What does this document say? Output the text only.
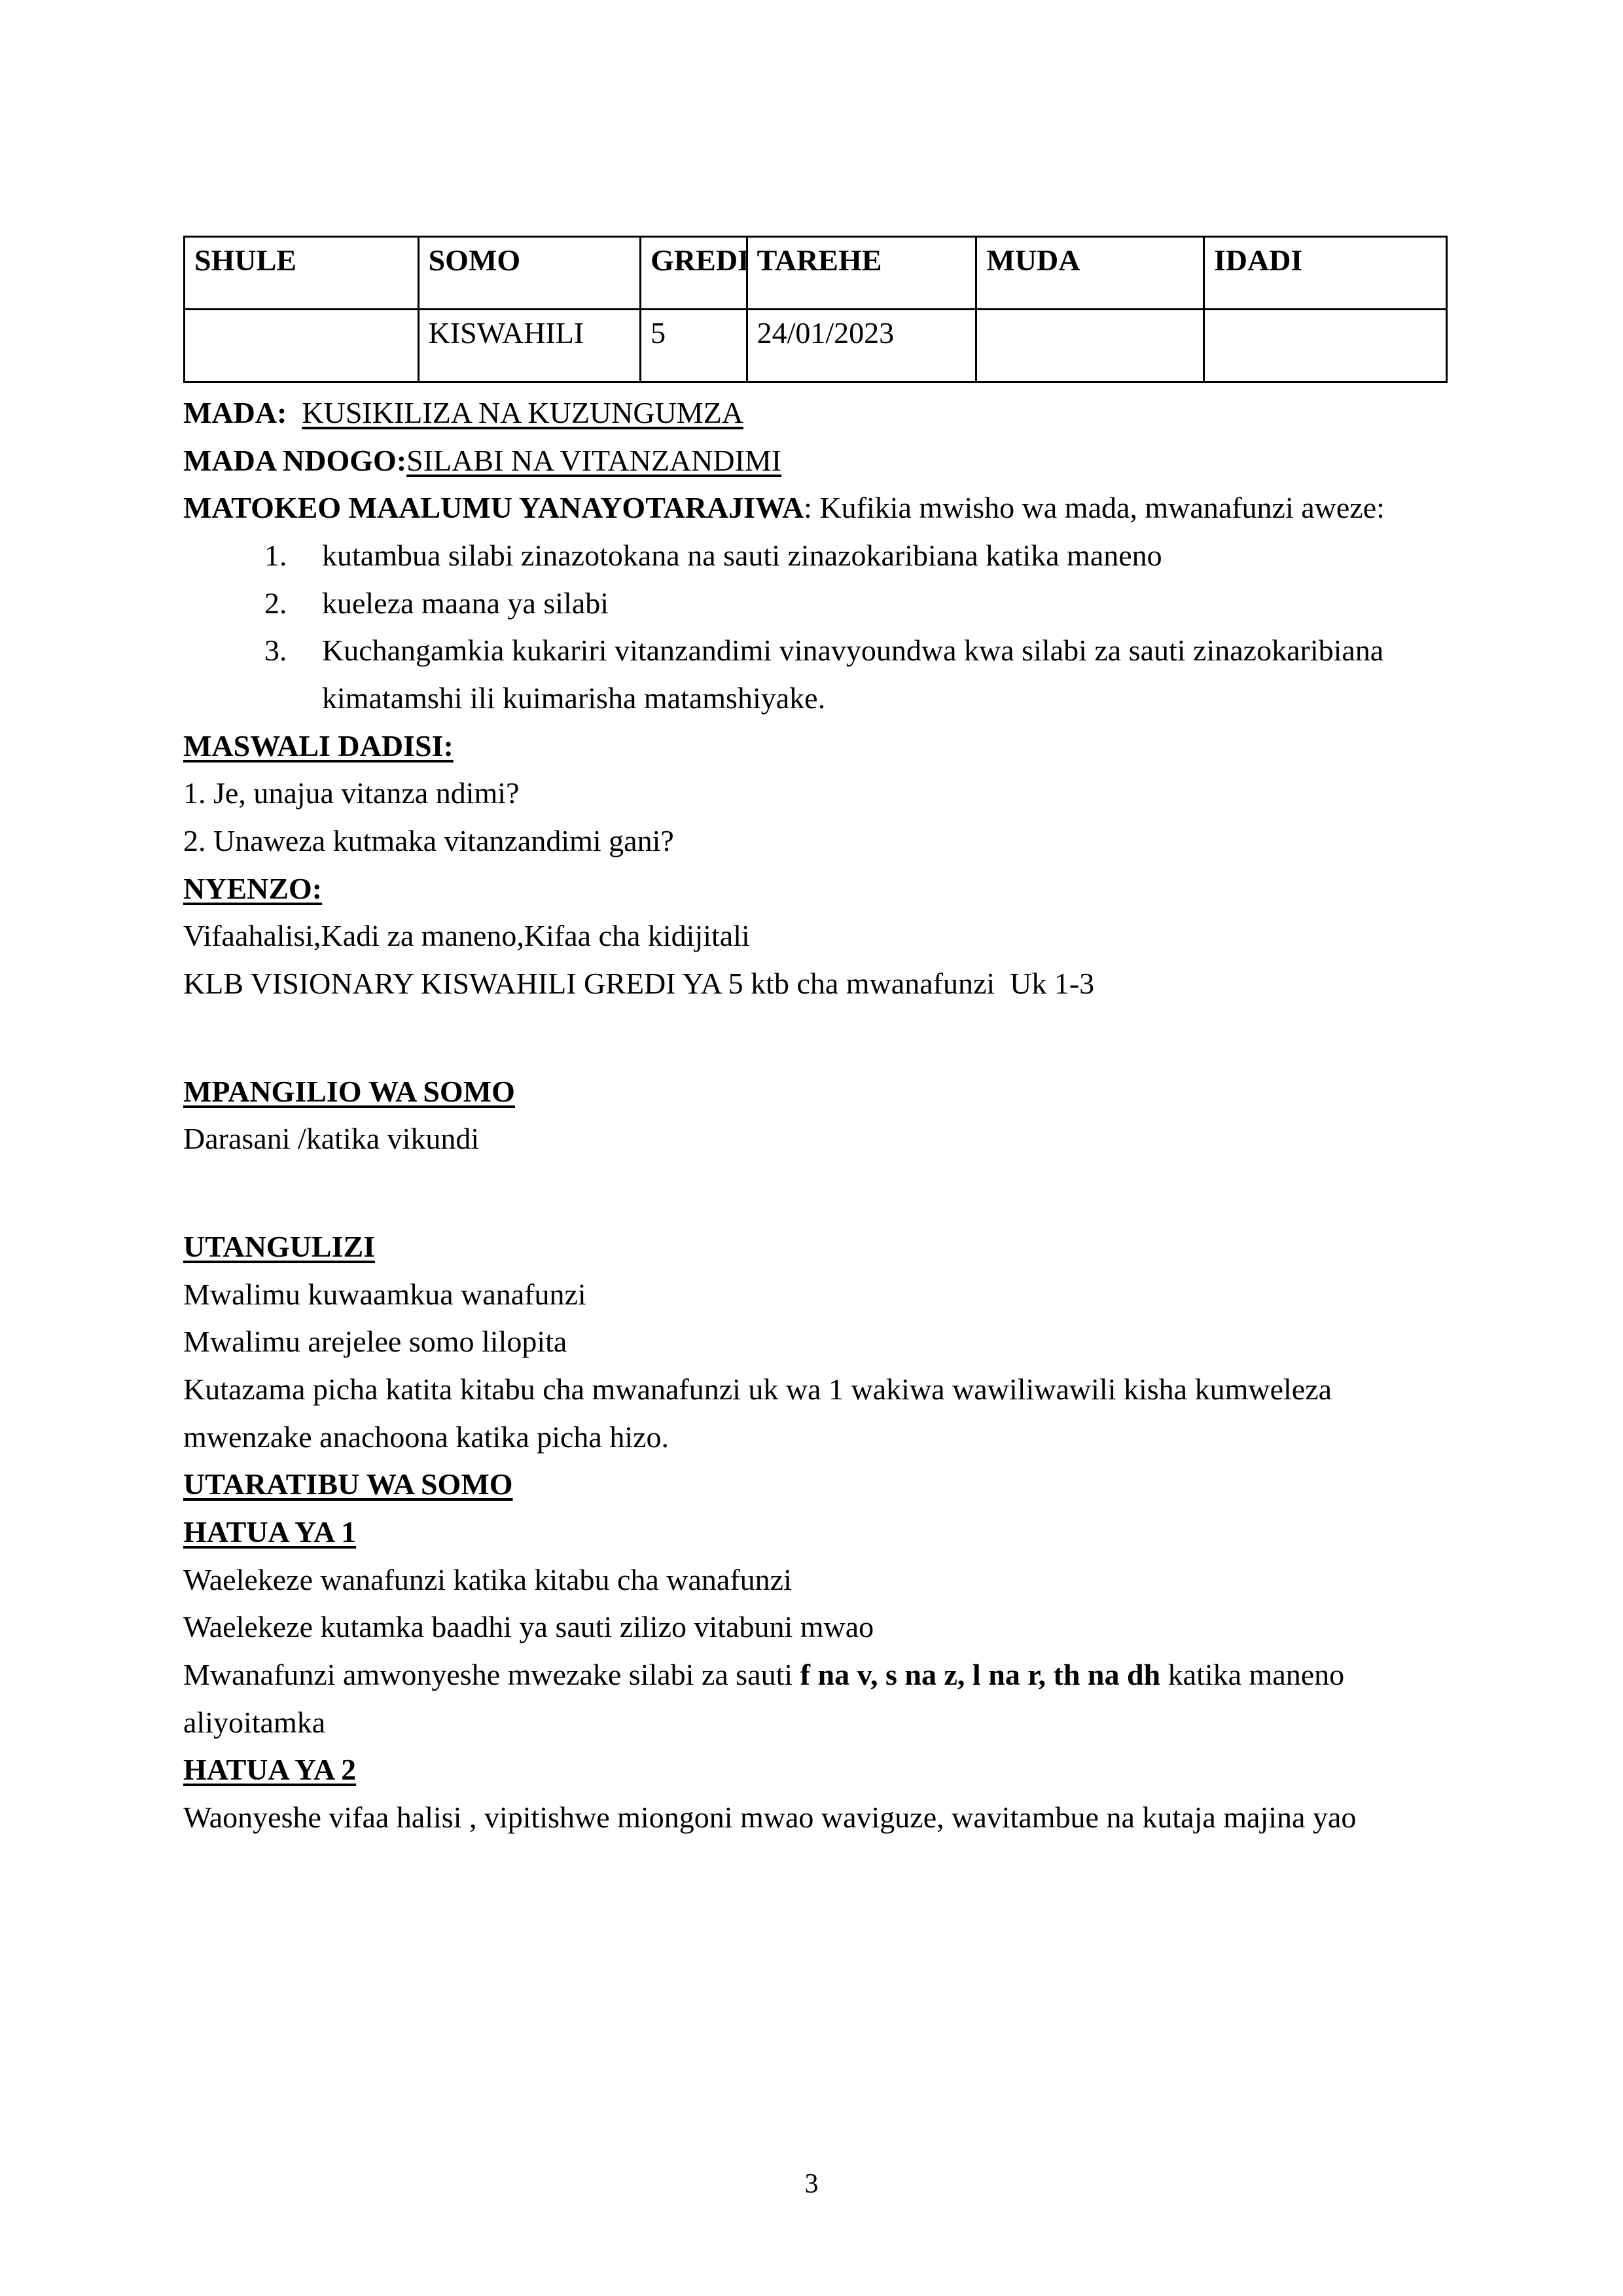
SHULE	SOMO	GREDI	TAREHE	MUDA	IDADI
	KISWAHILI	5	24/01/2023		

MADA:  KUSIKILIZA NA KUZUNGUMZA

MADA NDOGO:SILABI NA VITANZANDIMI

MATOKEO MAALUMU YANAYOTARAJIWA: Kufikia mwisho wa mada, mwanafunzi aweze:

1. kutambua silabi zinazotokana na sauti zinazokaribiana katika maneno
2. kueleza maana ya silabi
3. Kuchangamkia kukariri vitanzandimi vinavyoundwa kwa silabi za sauti zinazokaribiana kimatamshi ili kuimarisha matamshiyake.

MASWALI DADISI:

1. Je, unajua vitanza ndimi?

2. Unaweza kutmaka vitanzandimi gani?

NYENZO:

Vifaahalisi,Kadi za maneno,Kifaa cha kidijitali

KLB VISIONARY KISWAHILI GREDI YA 5 ktb cha mwanafunzi  Uk 1-3

MPANGILIO WA SOMO

Darasani /katika vikundi

UTANGULIZI

Mwalimu kuwaamkua wanafunzi

Mwalimu arejelee somo lilopita

Kutazama picha katita kitabu cha mwanafunzi uk wa 1 wakiwa wawiliwawili kisha kumweleza mwenzake anachoona katika picha hizo.

UTARATIBU WA SOMO

HATUA YA 1

Waelekeze wanafunzi katika kitabu cha wanafunzi

Waelekeze kutamka baadhi ya sauti zilizo vitabuni mwao

Mwanafunzi amwonyeshe mwezake silabi za sauti f na v, s na z, l na r, th na dh katika maneno aliyoitamka

HATUA YA 2

Waonyeshe vifaa halisi , vipitishwe miongoni mwao waviguze, wavitambue na kutaja majina yao

3
